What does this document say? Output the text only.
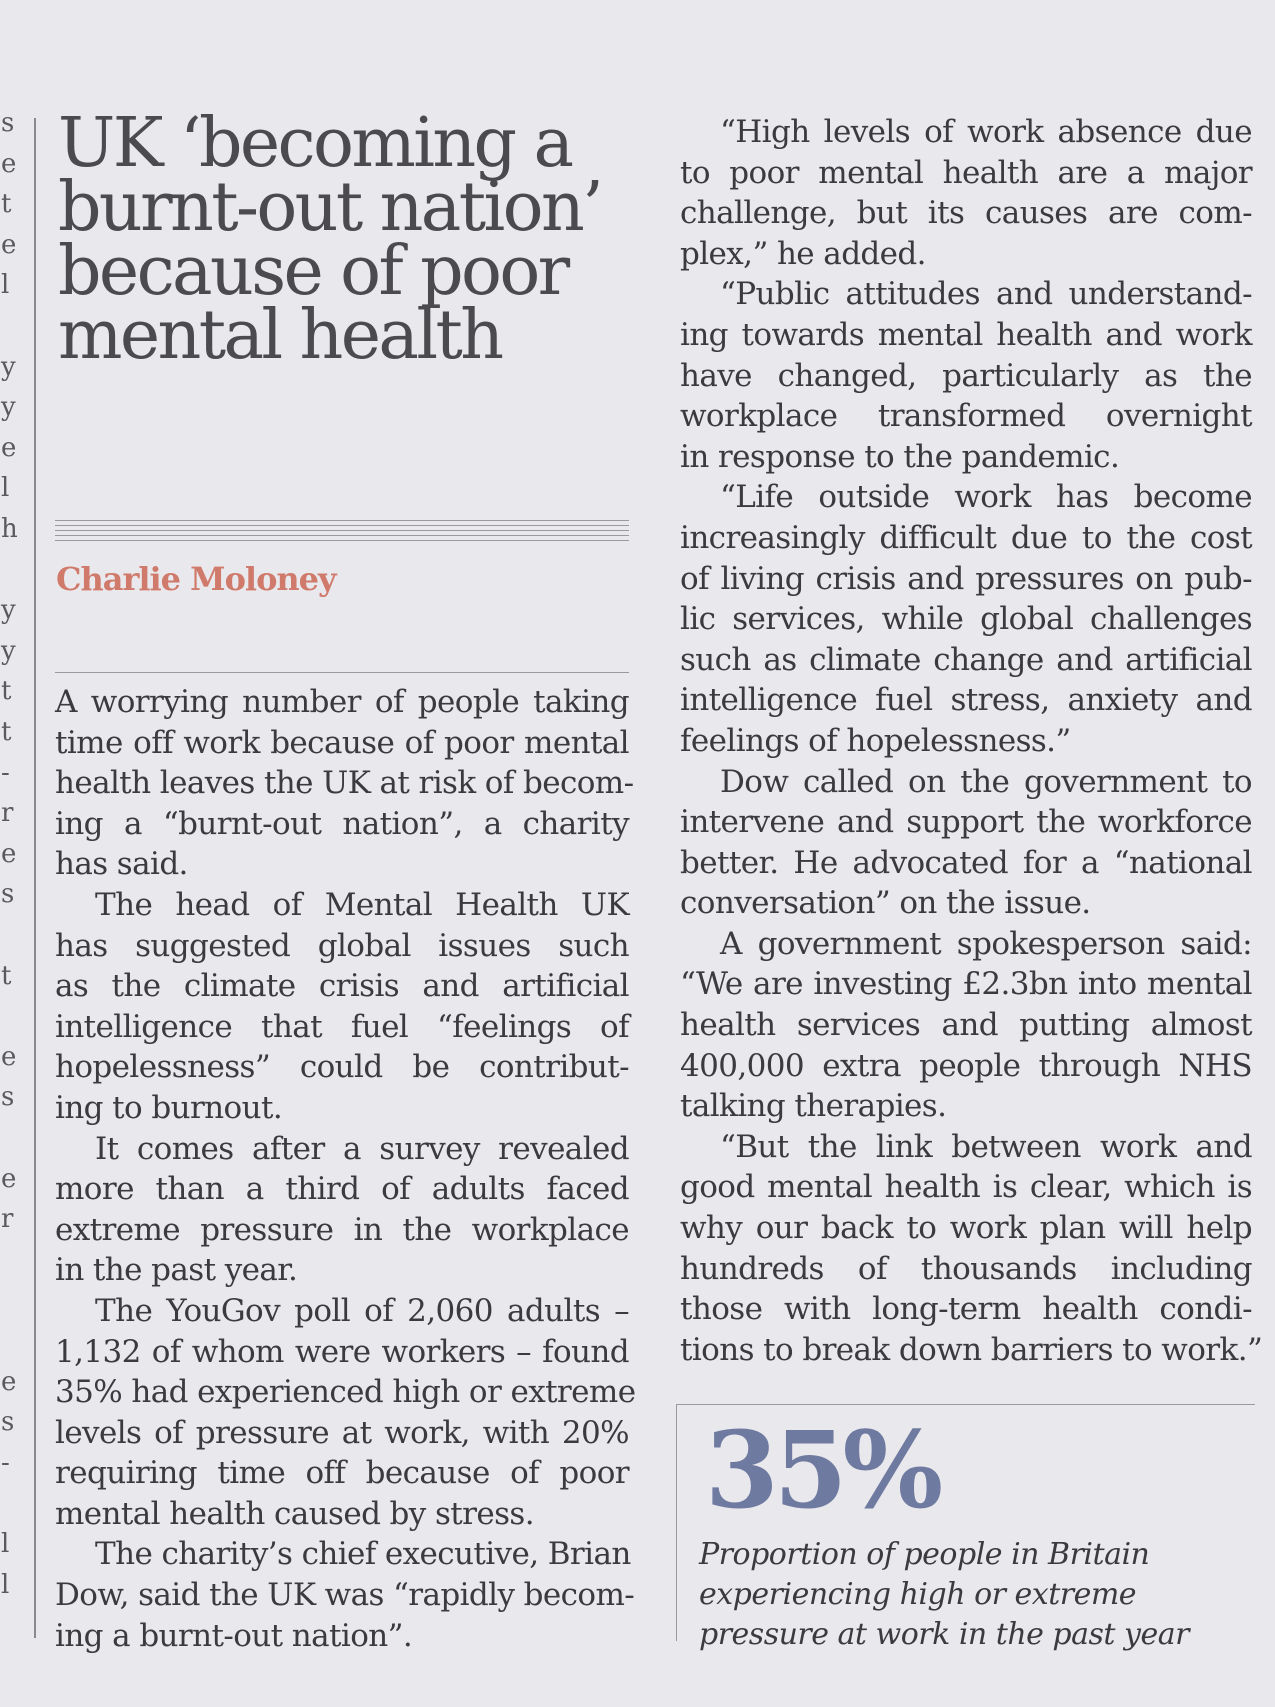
s
e
t
e
l
y
y
e
l
h
y
y
t
t
-
r
e
s
t
e
s
e
r
e
s
-
l
l
UK ‘becoming a
burnt-out nation’
because of poor
mental health
Charlie Moloney
A worrying number of people taking
time off work because of poor mental
health leaves the UK at risk of becom-
ing a “burnt-out nation”, a charity
has said.
The head of Mental Health UK
has suggested global issues such
as the climate crisis and artificial
intelligence that fuel “feelings of
hopelessness” could be contribut-
ing to burnout.
It comes after a survey revealed
more than a third of adults faced
extreme pressure in the workplace
in the past year.
The YouGov poll of 2,060 adults –
1,132 of whom were workers – found
35% had experienced high or extreme
levels of pressure at work, with 20%
requiring time off because of poor
mental health caused by stress.
The charity’s chief executive, Brian
Dow, said the UK was “rapidly becom-
ing a burnt-out nation”.
“High levels of work absence due
to poor mental health are a major
challenge, but its causes are com-
plex,” he added.
“Public attitudes and understand-
ing towards mental health and work
have changed, particularly as the
workplace transformed overnight
in response to the pandemic.
“Life outside work has become
increasingly difficult due to the cost
of living crisis and pressures on pub-
lic services, while global challenges
such as climate change and artificial
intelligence fuel stress, anxiety and
feelings of hopelessness.”
Dow called on the government to
intervene and support the workforce
better. He advocated for a “national
conversation” on the issue.
A government spokesperson said:
“We are investing £2.3bn into mental
health services and putting almost
400,000 extra people through NHS
talking therapies.
“But the link between work and
good mental health is clear, which is
why our back to work plan will help
hundreds of thousands including
those with long-term health condi-
tions to break down barriers to work.”
35%
Proportion of people in Britain
experiencing high or extreme
pressure at work in the past year
